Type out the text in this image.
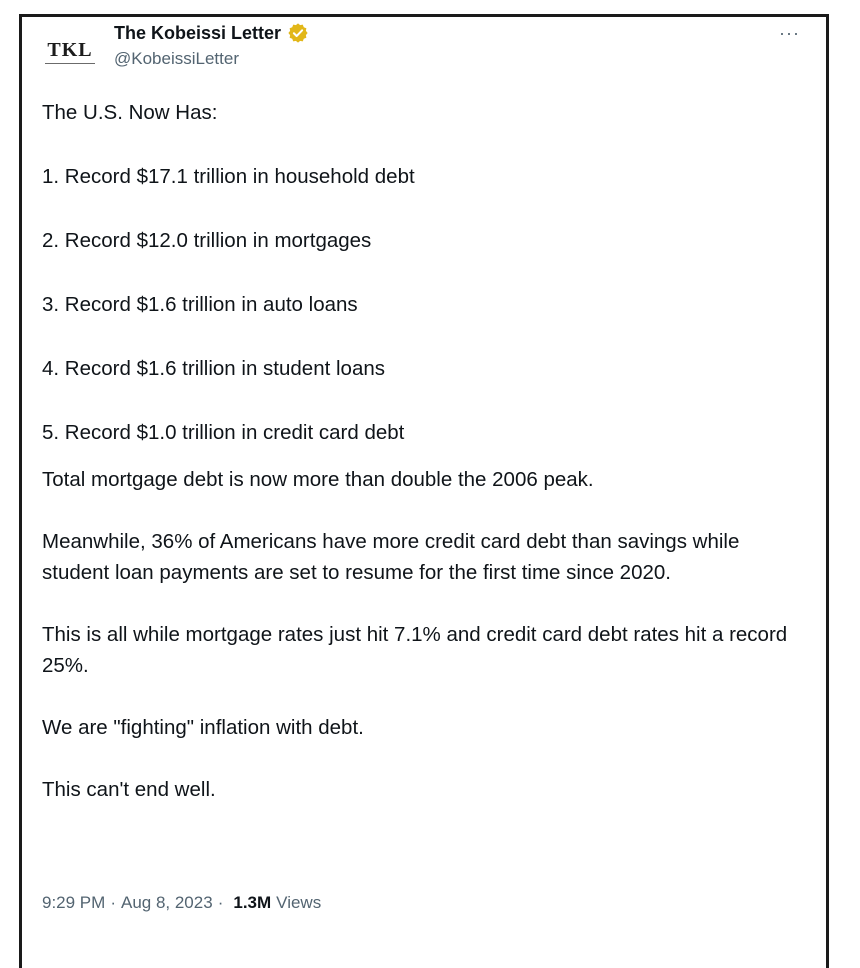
TKL
The Kobeissi Letter
@KobeissiLetter
···

The U.S. Now Has:

1. Record $17.1 trillion in household debt

2. Record $12.0 trillion in mortgages

3. Record $1.6 trillion in auto loans

4. Record $1.6 trillion in student loans

5. Record $1.0 trillion in credit card debt

Total mortgage debt is now more than double the 2006 peak.

Meanwhile, 36% of Americans have more credit card debt than savings while student loan payments are set to resume for the first time since 2020.

This is all while mortgage rates just hit 7.1% and credit card debt rates hit a record 25%.

We are "fighting" inflation with debt.

This can't end well.

9:29 PM · Aug 8, 2023 · 1.3M Views
